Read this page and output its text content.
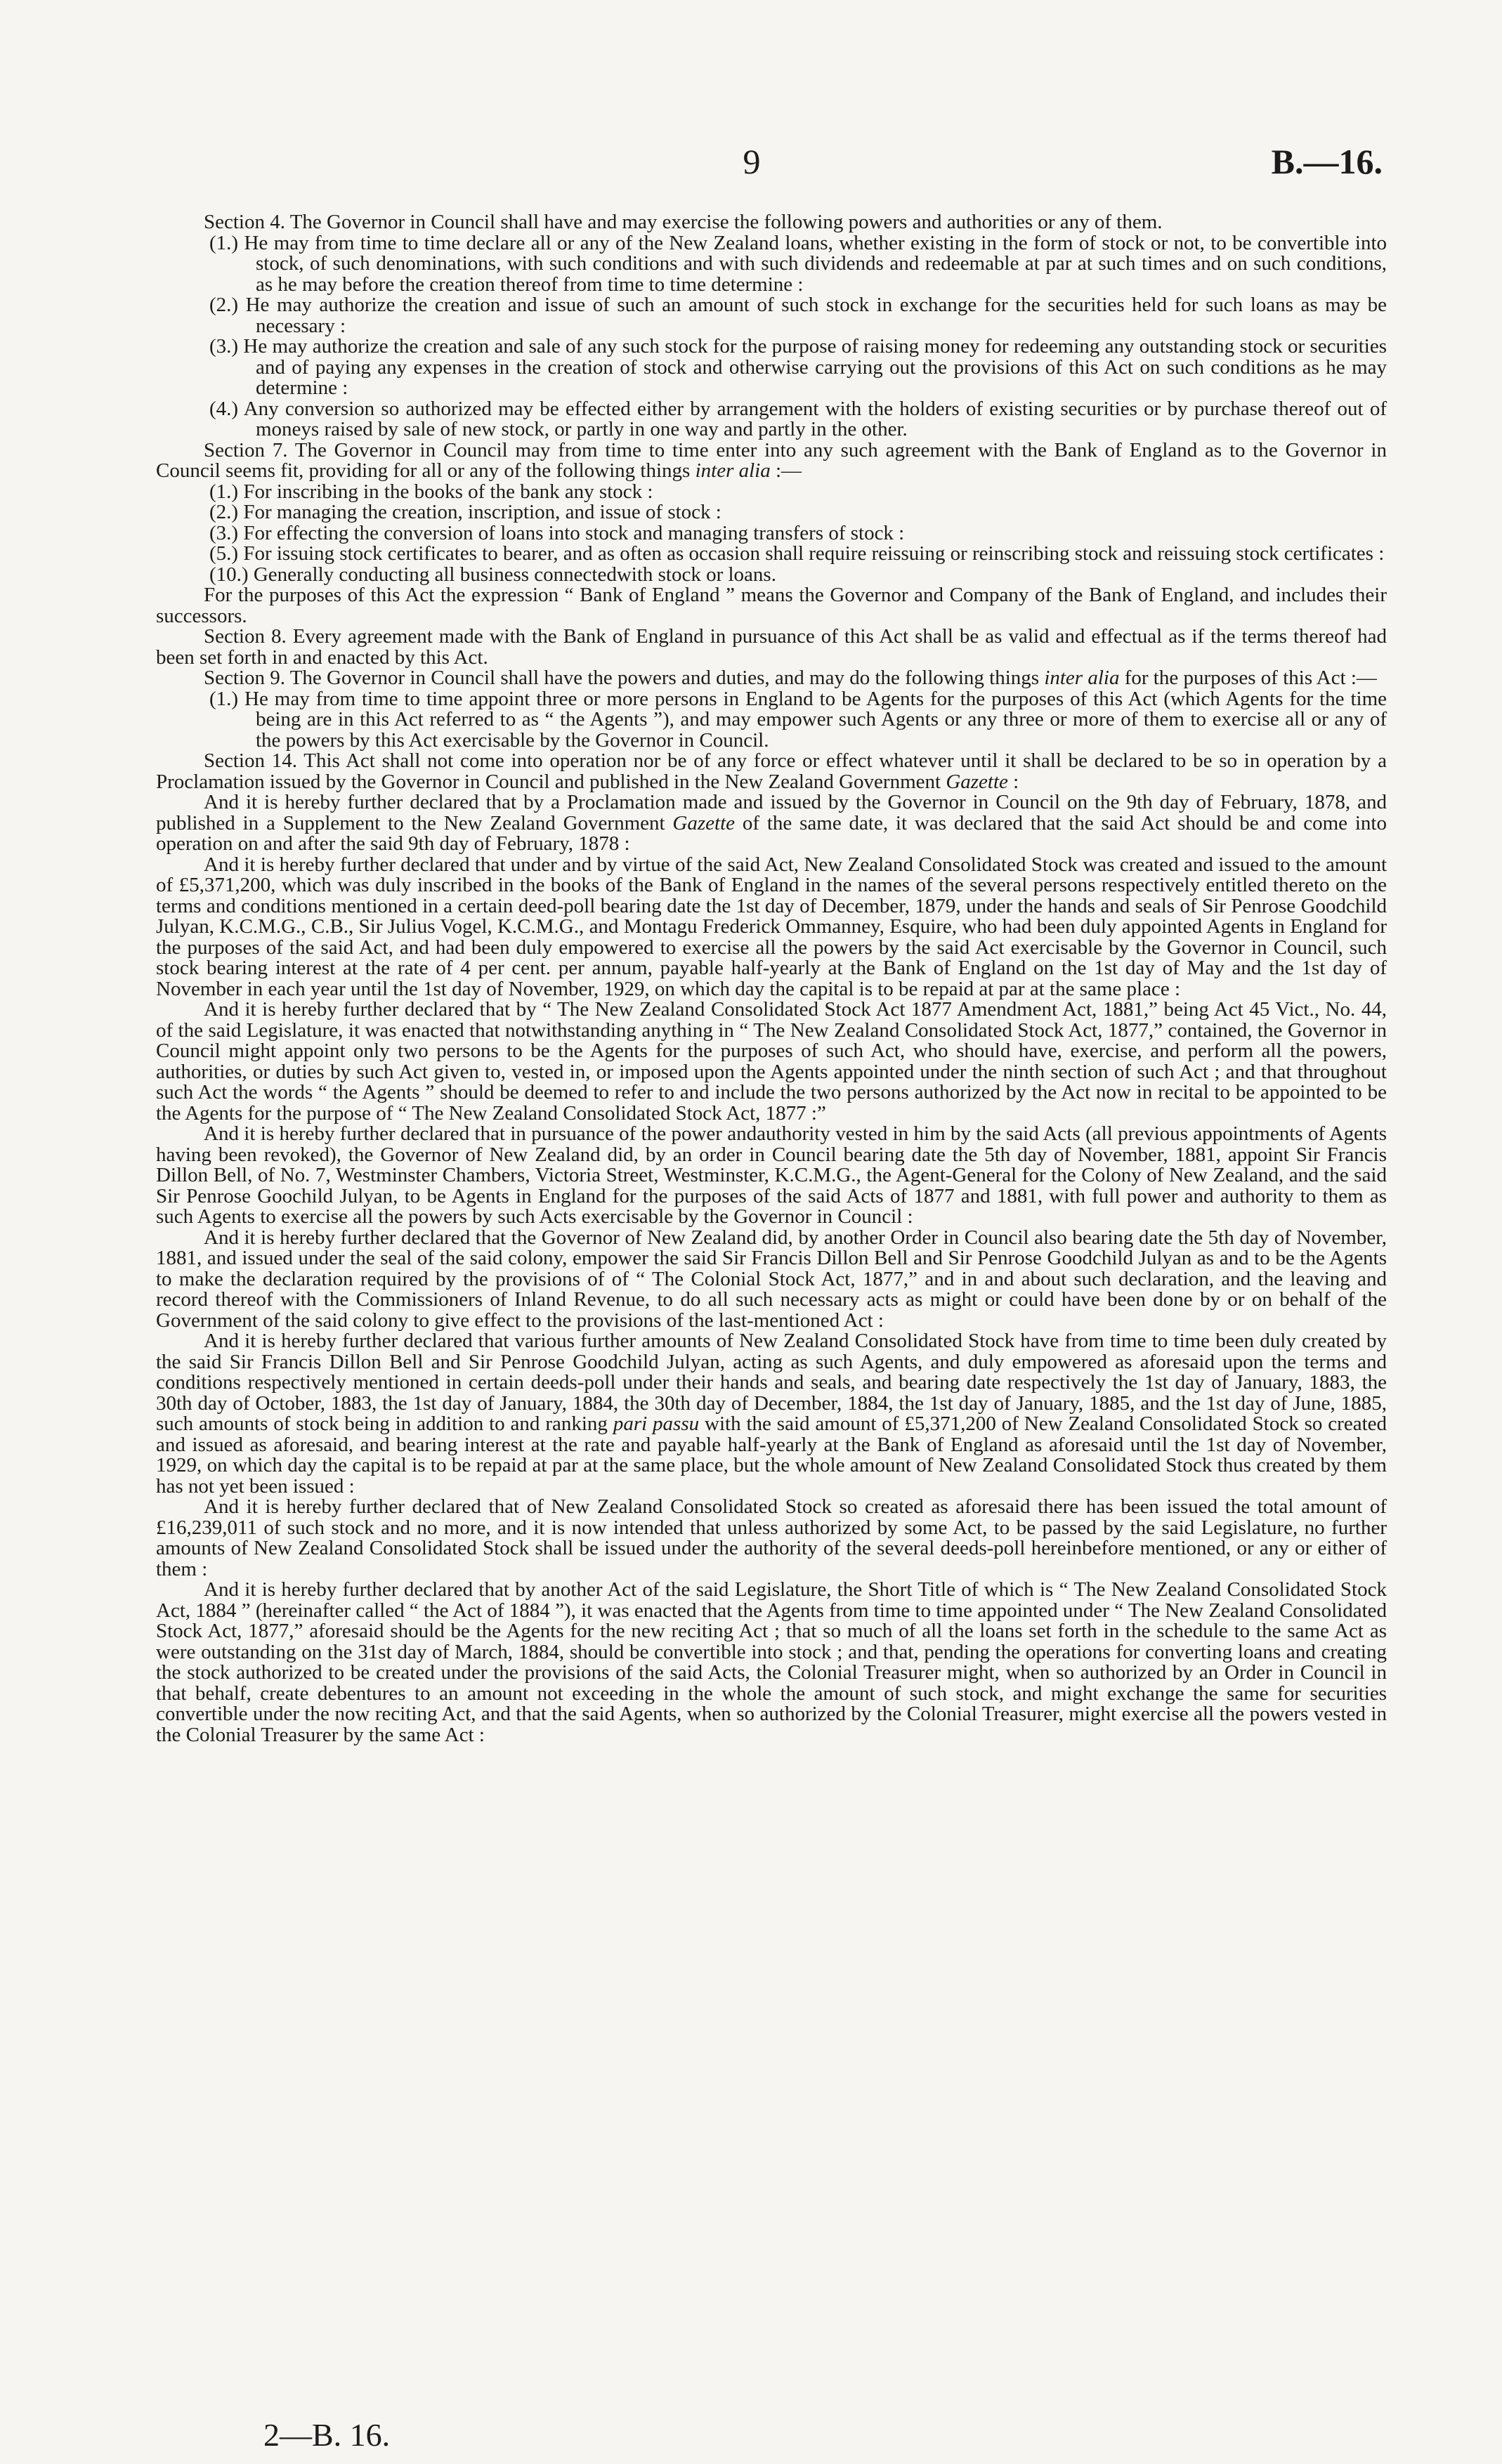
9	B.—16.

Section 4. The Governor in Council shall have and may exercise the following powers and authorities or any of them.

(1.) He may from time to time declare all or any of the New Zealand loans, whether existing in the form of stock or not, to be convertible into stock, of such denominations, with such conditions and with such dividends and redeemable at par at such times and on such conditions, as he may before the creation thereof from time to time determine :

(2.) He may authorize the creation and issue of such an amount of such stock in exchange for the securities held for such loans as may be necessary :

(3.) He may authorize the creation and sale of any such stock for the purpose of raising money for redeeming any outstanding stock or securities and of paying any expenses in the creation of stock and otherwise carrying out the provisions of this Act on such conditions as he may determine :

(4.) Any conversion so authorized may be effected either by arrangement with the holders of existing securities or by purchase thereof out of moneys raised by sale of new stock, or partly in one way and partly in the other.

Section 7. The Governor in Council may from time to time enter into any such agreement with the Bank of England as to the Governor in Council seems fit, providing for all or any of the following things inter alia :—

(1.) For inscribing in the books of the bank any stock :

(2.) For managing the creation, inscription, and issue of stock :

(3.) For effecting the conversion of loans into stock and managing transfers of stock :

(5.) For issuing stock certificates to bearer, and as often as occasion shall require reissuing or reinscribing stock and reissuing stock certificates :

(10.) Generally conducting all business connectedwith stock or loans.

For the purposes of this Act the expression “ Bank of England ” means the Governor and Company of the Bank of England, and includes their successors.

Section 8. Every agreement made with the Bank of England in pursuance of this Act shall be as valid and effectual as if the terms thereof had been set forth in and enacted by this Act.

Section 9. The Governor in Council shall have the powers and duties, and may do the following things inter alia for the purposes of this Act :—

(1.) He may from time to time appoint three or more persons in England to be Agents for the purposes of this Act (which Agents for the time being are in this Act referred to as “ the Agents ”), and may empower such Agents or any three or more of them to exercise all or any of the powers by this Act exercisable by the Governor in Council.

Section 14. This Act shall not come into operation nor be of any force or effect whatever until it shall be declared to be so in operation by a Proclamation issued by the Governor in Council and published in the New Zealand Government Gazette :

And it is hereby further declared that by a Proclamation made and issued by the Governor in Council on the 9th day of February, 1878, and published in a Supplement to the New Zealand Government Gazette of the same date, it was declared that the said Act should be and come into operation on and after the said 9th day of February, 1878 :

And it is hereby further declared that under and by virtue of the said Act, New Zealand Consolidated Stock was created and issued to the amount of £5,371,200, which was duly inscribed in the books of the Bank of England in the names of the several persons respectively entitled thereto on the terms and conditions mentioned in a certain deed-poll bearing date the 1st day of December, 1879, under the hands and seals of Sir Penrose Goodchild Julyan, K.C.M.G., C.B., Sir Julius Vogel, K.C.M.G., and Montagu Frederick Ommanney, Esquire, who had been duly appointed Agents in England for the purposes of the said Act, and had been duly empowered to exercise all the powers by the said Act exercisable by the Governor in Council, such stock bearing interest at the rate of 4 per cent. per annum, payable half-yearly at the Bank of England on the 1st day of May and the 1st day of November in each year until the 1st day of November, 1929, on which day the capital is to be repaid at par at the same place :

And it is hereby further declared that by “ The New Zealand Consolidated Stock Act 1877 Amendment Act, 1881,” being Act 45 Vict., No. 44, of the said Legislature, it was enacted that notwithstanding anything in “ The New Zealand Consolidated Stock Act, 1877,” contained, the Governor in Council might appoint only two persons to be the Agents for the purposes of such Act, who should have, exercise, and perform all the powers, authorities, or duties by such Act given to, vested in, or imposed upon the Agents appointed under the ninth section of such Act ; and that throughout such Act the words “ the Agents ” should be deemed to refer to and include the two persons authorized by the Act now in recital to be appointed to be the Agents for the purpose of “ The New Zealand Consolidated Stock Act, 1877 :”

And it is hereby further declared that in pursuance of the power andauthority vested in him by the said Acts (all previous appointments of Agents having been revoked), the Governor of New Zealand did, by an order in Council bearing date the 5th day of November, 1881, appoint Sir Francis Dillon Bell, of No. 7, Westminster Chambers, Victoria Street, Westminster, K.C.M.G., the Agent-General for the Colony of New Zealand, and the said Sir Penrose Goochild Julyan, to be Agents in England for the purposes of the said Acts of 1877 and 1881, with full power and authority to them as such Agents to exercise all the powers by such Acts exercisable by the Governor in Council :

And it is hereby further declared that the Governor of New Zealand did, by another Order in Council also bearing date the 5th day of November, 1881, and issued under the seal of the said colony, empower the said Sir Francis Dillon Bell and Sir Penrose Goodchild Julyan as and to be the Agents to make the declaration required by the provisions of of “ The Colonial Stock Act, 1877,” and in and about such declaration, and the leaving and record thereof with the Commissioners of Inland Revenue, to do all such necessary acts as might or could have been done by or on behalf of the Government of the said colony to give effect to the provisions of the last-mentioned Act :

And it is hereby further declared that various further amounts of New Zealand Consolidated Stock have from time to time been duly created by the said Sir Francis Dillon Bell and Sir Penrose Goodchild Julyan, acting as such Agents, and duly empowered as aforesaid upon the terms and conditions respectively mentioned in certain deeds-poll under their hands and seals, and bearing date respectively the 1st day of January, 1883, the 30th day of October, 1883, the 1st day of January, 1884, the 30th day of December, 1884, the 1st day of January, 1885, and the 1st day of June, 1885, such amounts of stock being in addition to and ranking pari passu with the said amount of £5,371,200 of New Zealand Consolidated Stock so created and issued as aforesaid, and bearing interest at the rate and payable half-yearly at the Bank of England as aforesaid until the 1st day of November, 1929, on which day the capital is to be repaid at par at the same place, but the whole amount of New Zealand Consolidated Stock thus created by them has not yet been issued :

And it is hereby further declared that of New Zealand Consolidated Stock so created as aforesaid there has been issued the total amount of £16,239,011 of such stock and no more, and it is now intended that unless authorized by some Act, to be passed by the said Legislature, no further amounts of New Zealand Consolidated Stock shall be issued under the authority of the several deeds-poll hereinbefore mentioned, or any or either of them :

And it is hereby further declared that by another Act of the said Legislature, the Short Title of which is “ The New Zealand Consolidated Stock Act, 1884 ” (hereinafter called “ the Act of 1884 ”), it was enacted that the Agents from time to time appointed under “ The New Zealand Consolidated Stock Act, 1877,” aforesaid should be the Agents for the new reciting Act ; that so much of all the loans set forth in the schedule to the same Act as were outstanding on the 31st day of March, 1884, should be convertible into stock ; and that, pending the operations for converting loans and creating the stock authorized to be created under the provisions of the said Acts, the Colonial Treasurer might, when so authorized by an Order in Council in that behalf, create debentures to an amount not exceeding in the whole the amount of such stock, and might exchange the same for securities convertible under the now reciting Act, and that the said Agents, when so authorized by the Colonial Treasurer, might exercise all the powers vested in the Colonial Treasurer by the same Act :

2—B. 16.
